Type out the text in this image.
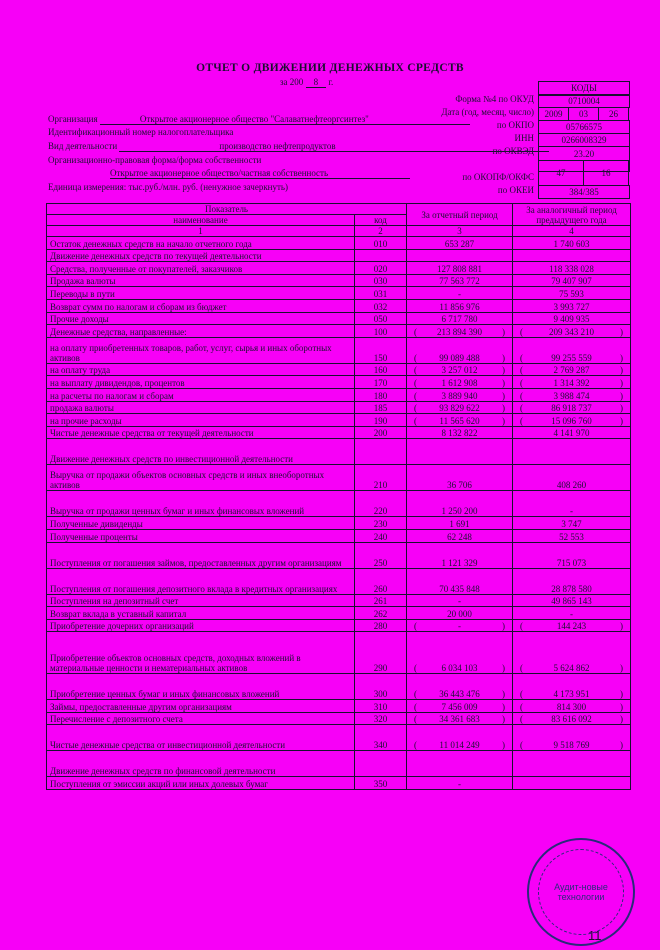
ОТЧЕТ О ДВИЖЕНИИ ДЕНЕЖНЫХ СРЕДСТВ
за 200 8 г.
КОДЫ
Форма №4 по ОКУД	0710004
Дата (год, месяц, число)	2009	03	26
по ОКПО	05766575
ИНН	0266008329
по ОКВЭД	23.20
по ОКОПФ/ОКФС	47	16
по ОКЕИ	384/385
Организация	Открытое акционерное общество "Салаватнефтеоргсинтез"
Идентификационный номер налогоплательщика
Вид деятельности	производство нефтепродуктов
Организационно-правовая форма/форма собственности
Открытое акционерное общество/частная собственность
Единица измерения: тыс.руб./млн. руб. (ненужное зачеркнуть)
Показатель		За отчетный период	За аналогичный период предыдущего года
наименование	код		
1	2	3	4
Остаток денежных средств на начало отчетного года	010	653 287	1 740 603
Движение денежных средств по текущей деятельности			
Средства, полученные от покупателей, заказчиков	020	127 808 881	118 338 028
Продажа валюты	030	77 563 772	79 407 907
Переводы в пути	031	-	75 593
Возврат сумм по налогам и сборам из бюджет	032	11 856 976	3 993 727
Прочие доходы	050	6 717 780	9 409 935
Денежные средства, направленные:	100	( 213 894 390 )	( 209 343 210 )

на оплату приобретенных товаров, работ, услуг, сырья и иных оборотных активов	150	( 99 089 488 )	( 99 255 559 )

на оплату труда	160	( 3 257 012 )	( 2 769 287 )

на выплату дивидендов, процентов	170	( 1 612 908 )	( 1 314 392 )

на расчеты по налогам и сборам	180	( 3 889 940 )	( 3 988 474 )

продажа валюты	185	( 93 829 622 )	( 86 918 737 )

на прочие расходы	190	( 11 565 620 )	( 15 096 760 )

Чистые денежные средства от текущей деятельности	200	8 132 822	4 141 970
Движение денежных средств по инвестиционной деятельности			
Выручка от продажи объектов основных средств и иных внеоборотных активов	210	36 706	408 260
Выручка от продажи ценных бумаг и иных финансовых вложений	220	1 250 200	-
Полученные дивиденды	230	1 691	3 747
Полученные проценты	240	62 248	52 553
Поступления от погашения займов, предоставленных другим организациям	250	1 121 329	715 073
Поступления от погашения депозитного вклада в кредитных организациях	260	70 435 848	28 878 580
Поступления на депозитный счет	261	-	49 865 143
Возврат вклада в уставный капитал	262	20 000	-
Приобретение дочерних организаций	280	( - )	( 144 243 )

Приобретение объектов основных средств, доходных вложений в материальные ценности и нематериальных активов	290	( 6 034 103 )	( 5 624 862 )

Приобретение ценных бумаг и иных финансовых вложений	300	( 36 443 476 )	( 4 173 951 )

Займы, предоставленные другим организациям	310	( 7 456 009 )	( 814 300 )

Перечисление с депозитного счета	320	( 34 361 683 )	( 83 616 092 )

Чистые денежные средства от инвестиционной деятельности	340	( 11 014 249 )	( 9 518 769 )

Движение денежных средств по финансовой деятельности			
Поступления от эмиссии акций или иных долевых бумаг	350	-	
Аудит-новые
технологии
11
